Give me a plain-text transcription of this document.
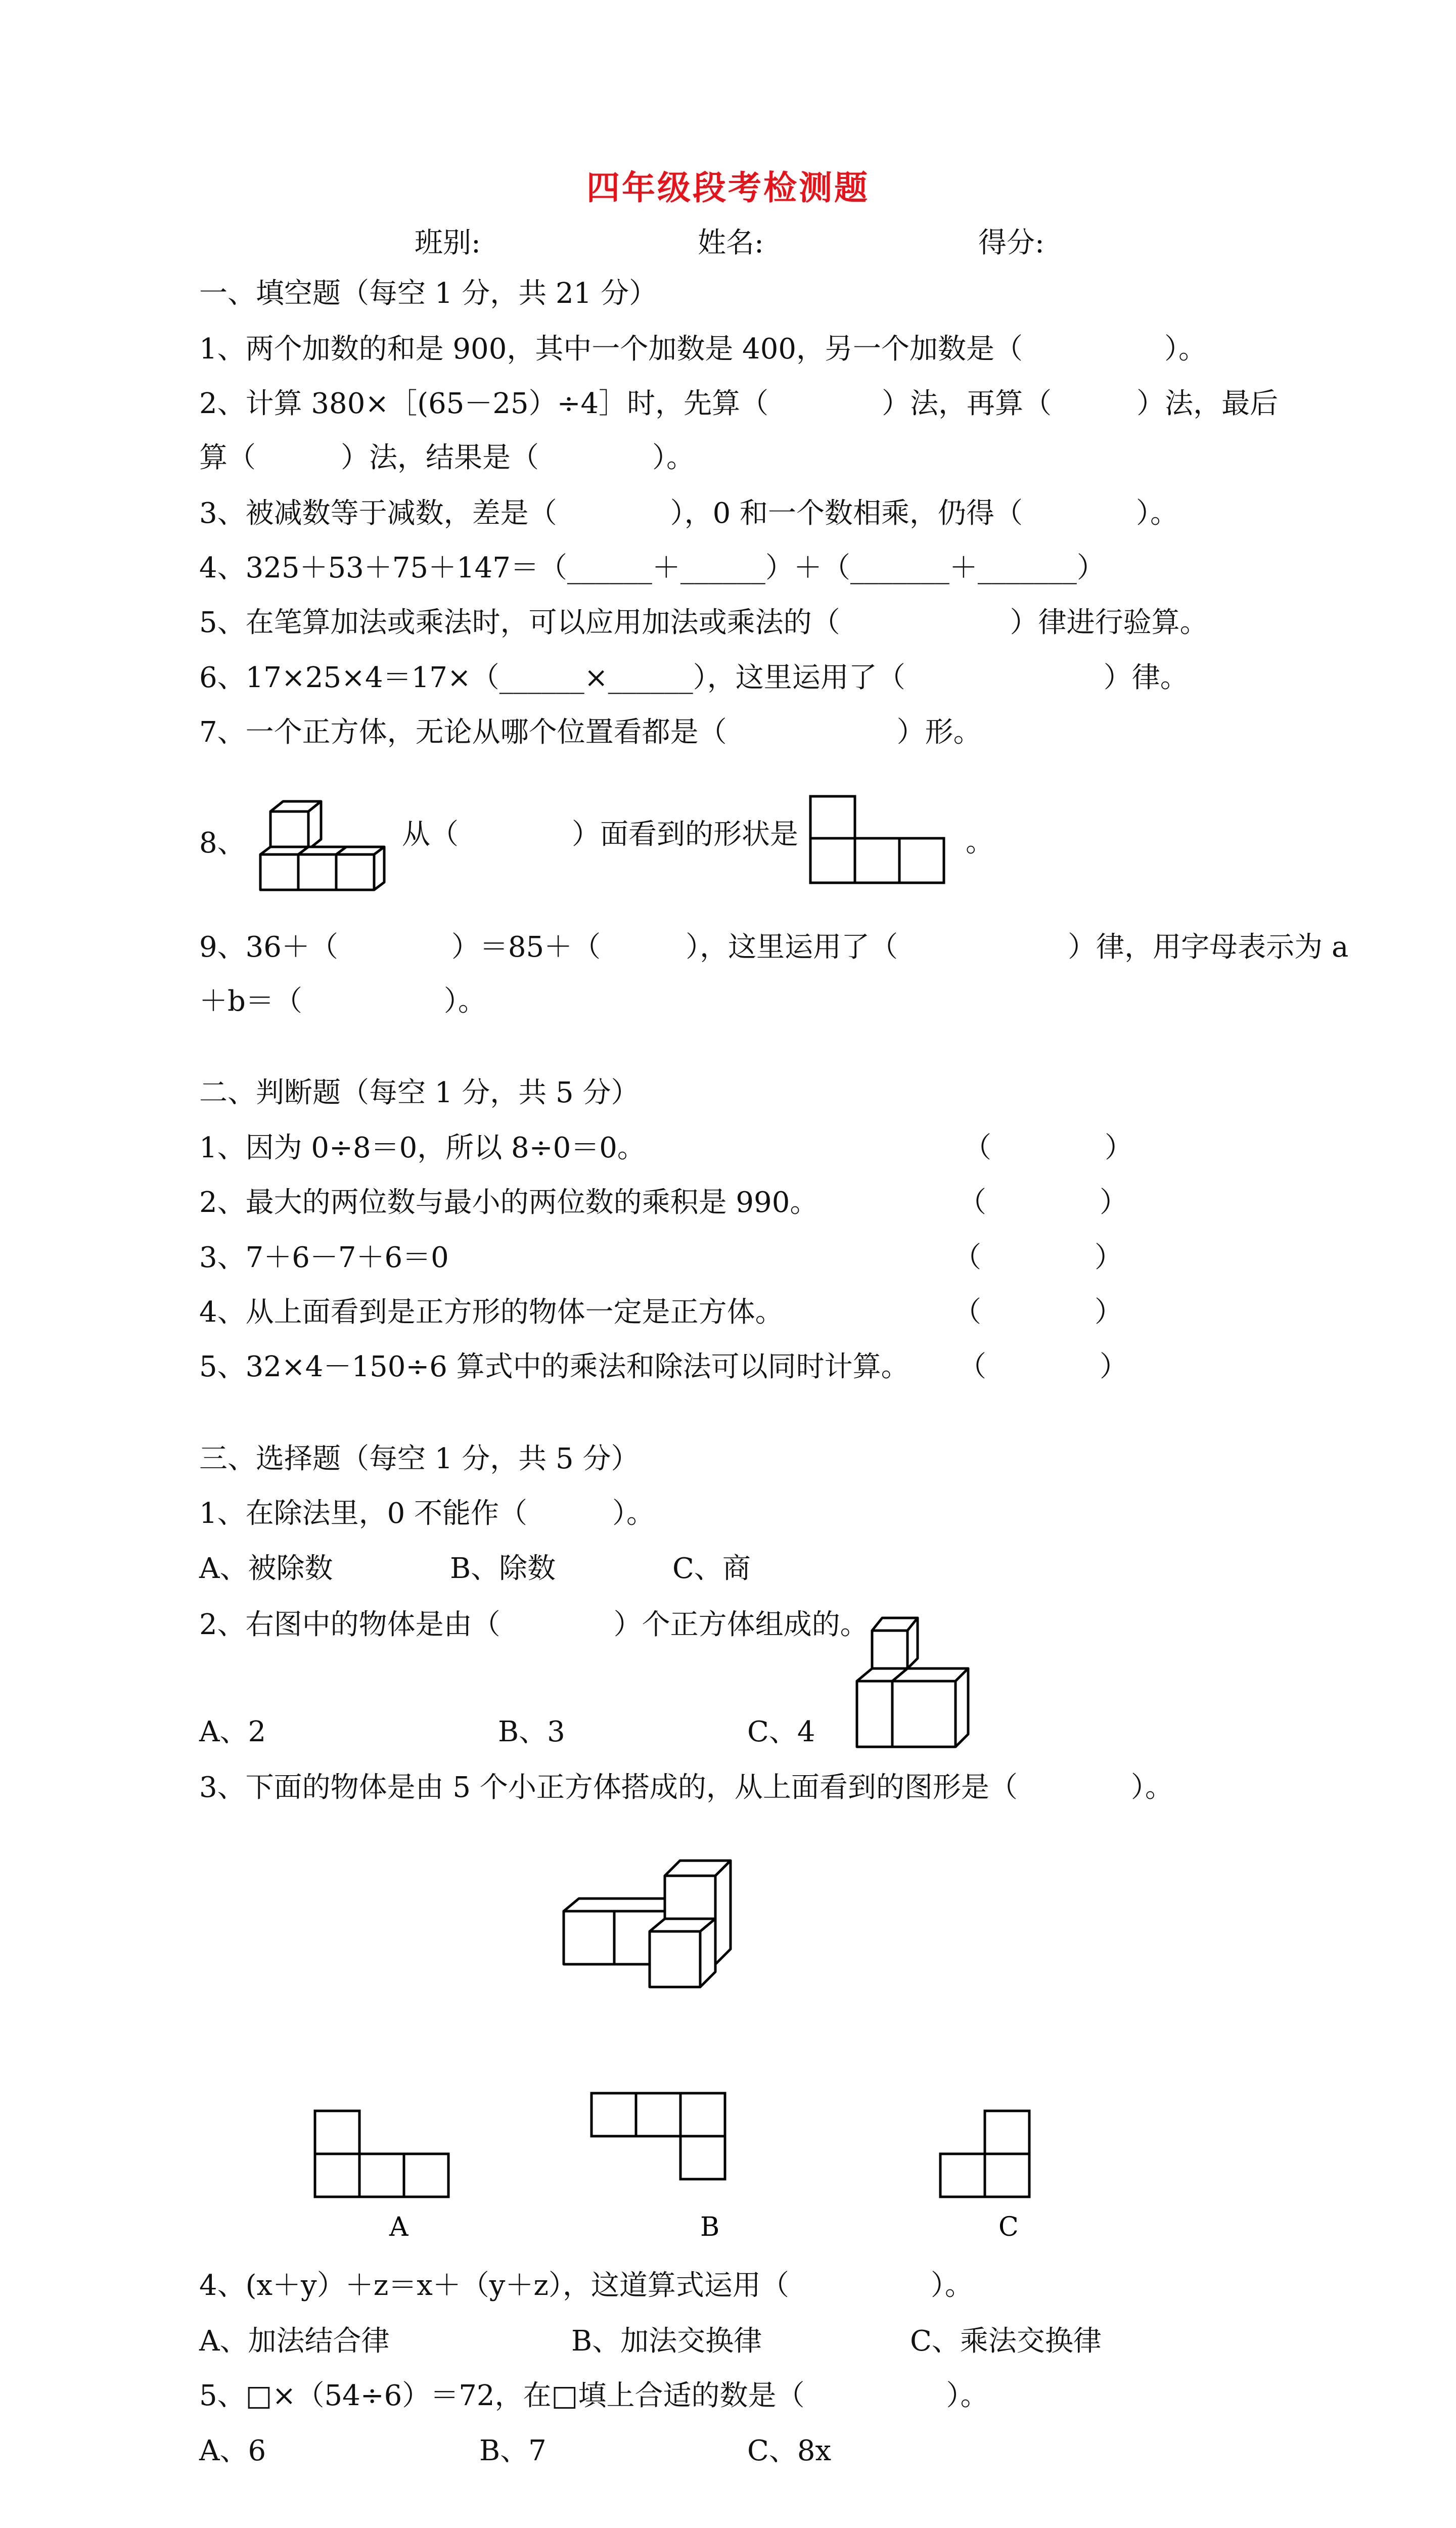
四年级段考检测题
班别:	姓名:	得分:
一、填空题（每空 1 分，共 21 分）
1、两个加数的和是 900，其中一个加数是 400，另一个加数是（　　　　　）。
2、计算 380×［(65－25）÷4］时，先算（　　　　）法，再算（　　　）法，最后
算（　　　）法，结果是（　　　　）。
3、被减数等于减数，差是（　　　　），0 和一个数相乘，仍得（　　　　）。
4、325＋53＋75＋147＝（______＋______）＋（_______＋_______）
5、在笔算加法或乘法时，可以应用加法或乘法的（　　　　　　）律进行验算。
6、17×25×4＝17×（______×______），这里运用了（　　　　　　　）律。
7、一个正方体，无论从哪个位置看都是（　　　　　　）形。
8、	从（　　　　）面看到的形状是	。
9、36＋（　　　　）＝85＋（　　　），这里运用了（　　　　　　）律，用字母表示为 a
＋b＝（　　　　　）。
二、判断题（每空 1 分，共 5 分）
1、因为 0÷8＝0，所以 8÷0＝0。	（　　　　）
2、最大的两位数与最小的两位数的乘积是 990。	（　　　　）
3、7＋6－7＋6＝0	（　　　　）
4、从上面看到是正方形的物体一定是正方体。	（　　　　）
5、32×4－150÷6 算式中的乘法和除法可以同时计算。 （　　　　）
三、选择题（每空 1 分，共 5 分）
1、在除法里，0 不能作（　　　）。
A、被除数	B、除数	C、商
2、右图中的物体是由（　　　　）个正方体组成的。
A、2	B、3	C、4
3、下面的物体是由 5 个小正方体搭成的，从上面看到的图形是（　　　　）。
A	B	C
4、(x＋y）＋z＝x＋（y＋z），这道算式运用（　　　　　）。
A、加法结合律	B、加法交换律	C、乘法交换律
5、□×（54÷6）＝72，在□填上合适的数是（　　　　　）。
A、6	B、7	C、8x
